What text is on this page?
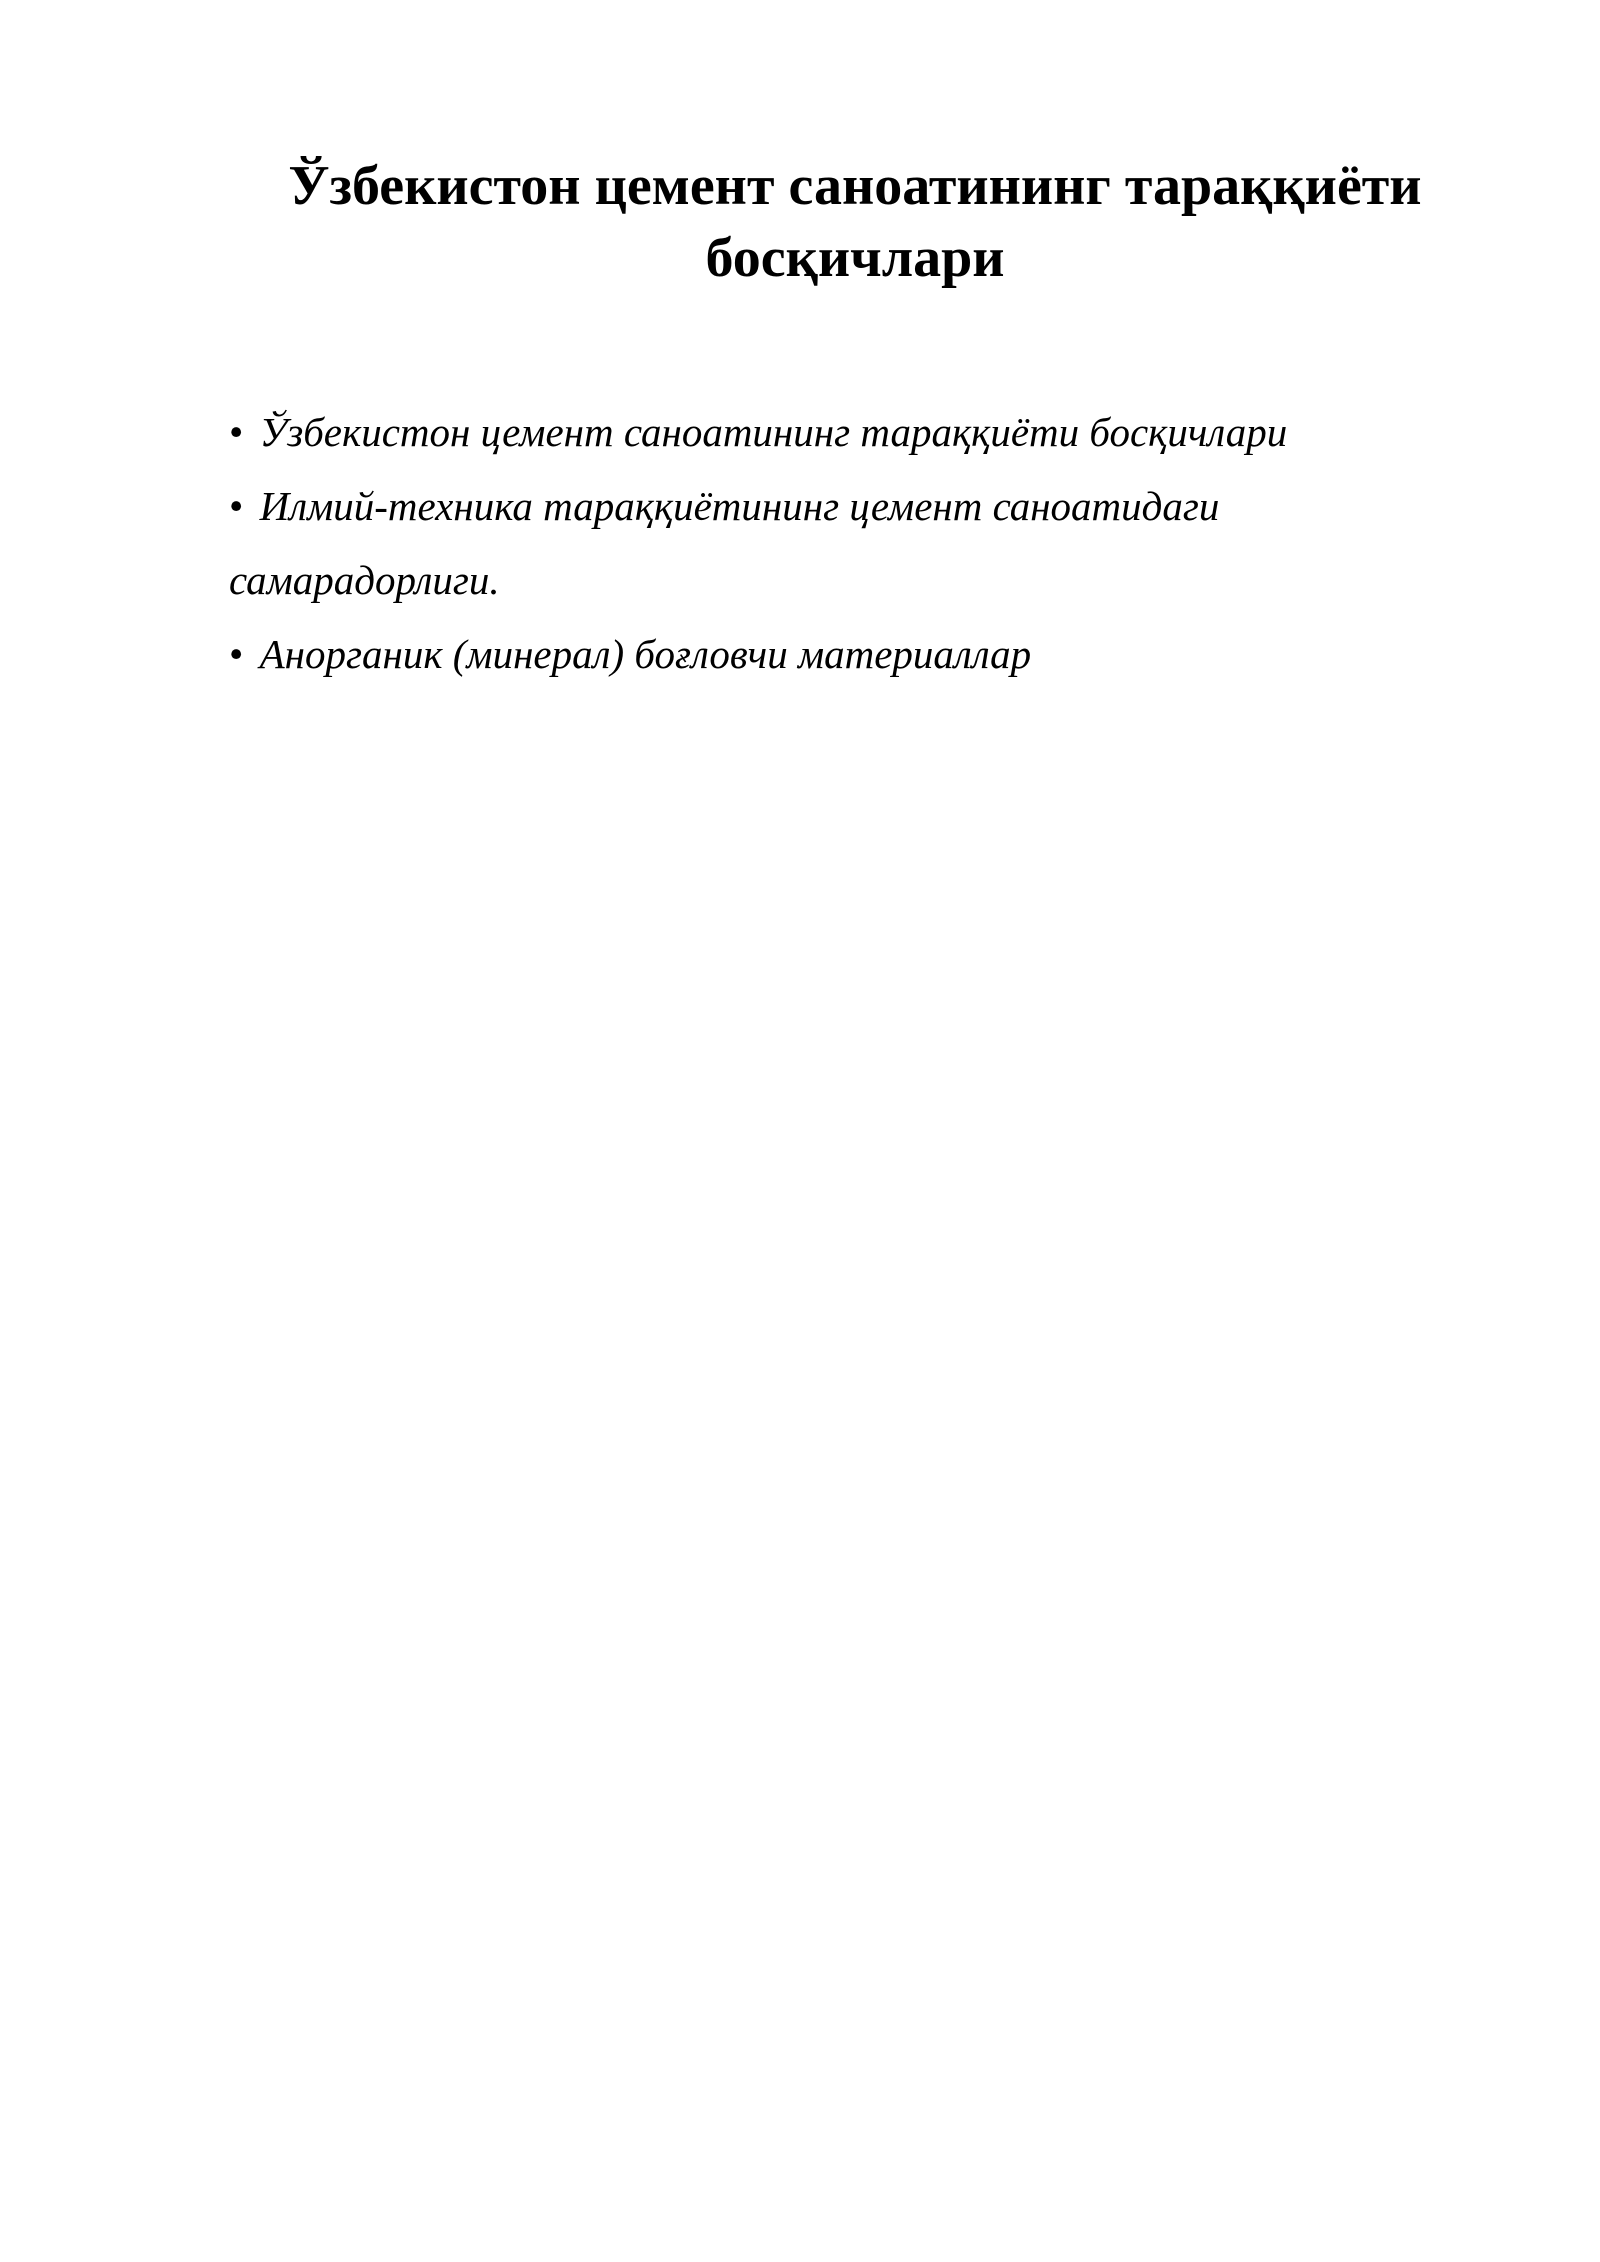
Ўзбекистон цемент саноатининг тараққиёти босқичлари
• Ўзбекистон цемент саноатининг тараққиёти босқичлари
• Илмий-техника тараққиётининг цемент саноатидаги самарадорлиги.
• Анорганик (минерал) боғловчи материаллар
